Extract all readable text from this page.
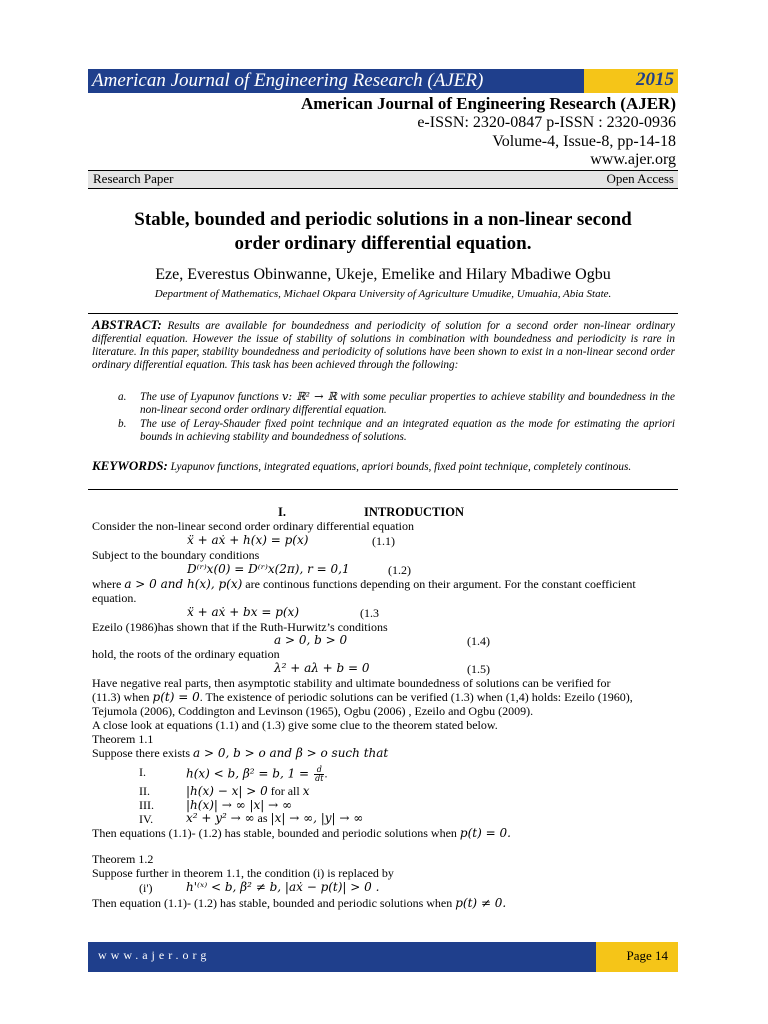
American Journal of Engineering Research (AJER)	2015
American Journal of Engineering Research (AJER)
e-ISSN: 2320-0847 p-ISSN : 2320-0936
Volume-4, Issue-8, pp-14-18
www.ajer.org
Research Paper	Open Access
Stable, bounded and periodic solutions in a non-linear second
order ordinary differential equation.
Eze, Everestus Obinwanne, Ukeje, Emelike and Hilary Mbadiwe Ogbu
Department of Mathematics, Michael Okpara University of Agriculture Umudike, Umuahia, Abia State.
ABSTRACT: Results are available for boundedness and periodicity of solution for a second order non-linear ordinary differential equation. However the issue of stability of solutions in combination with boundedness and periodicity is rare in literature. In this paper, stability boundedness and periodicity of solutions have been shown to exist in a non-linear second order ordinary differential equation. This task has been achieved through the following:
a. The use of Lyapunov functions v: ℝ² → ℝ with some peculiar properties to achieve stability and boundedness in the non-linear second order ordinary differential equation.
b. The use of Leray-Shauder fixed point technique and an integrated equation as the mode for estimating the apriori bounds in achieving stability and boundedness of solutions.
KEYWORDS: Lyapunov functions, integrated equations, apriori bounds, fixed point technique, completely continous.
I.	INTRODUCTION
Consider the non-linear second order ordinary differential equation
ẍ + aẋ + h(x) = p(x)	(1.1)
Subject to the boundary conditions
D⁽ʳ⁾x(0) = D⁽ʳ⁾x(2π), r = 0,1	(1.2)
where a > 0 and h(x), p(x) are continous functions depending on their argument. For the constant coefficient
equation.
ẍ + aẋ + bx = p(x)	(1.3
Ezeilo (1986)has shown that if the Ruth-Hurwitz’s conditions
a > 0, b > 0	(1.4)
hold, the roots of the ordinary equation
λ² + aλ + b = 0	(1.5)
Have negative real parts, then asymptotic stability and ultimate boundedness of solutions can be verified for
(11.3) when p(t) = 0. The existence of periodic solutions can be verified (1.3) when (1,4) holds: Ezeilo (1960),
Tejumola (2006), Coddington and Levinson (1965), Ogbu (2006) , Ezeilo and Ogbu (2009).
A close look at equations (1.1) and (1.3) give some clue to the theorem stated below.
Theorem 1.1
Suppose there exists a > 0, b > o and β > o such that
I.	h(x) < b, β² = b, $1 = \frac{d}{dt}$ .
II.	|h(x) − x| > 0 for all x
III.	|h(x)| → ∞ |x| → ∞
IV.	x² + y² → ∞ as |x| → ∞, |y| → ∞
Then equations (1.1)- (1.2) has stable, bounded and periodic solutions when p(t) = 0.
Theorem 1.2
Suppose further in theorem 1.1, the condition (i) is replaced by
(i')	h'⁽ˣ⁾ < b, β² ≠ b, |aẋ − p(t)| > 0 .
Then equation (1.1)- (1.2) has stable, bounded and periodic solutions when p(t) ≠ 0.
www.ajer.org	Page 14
